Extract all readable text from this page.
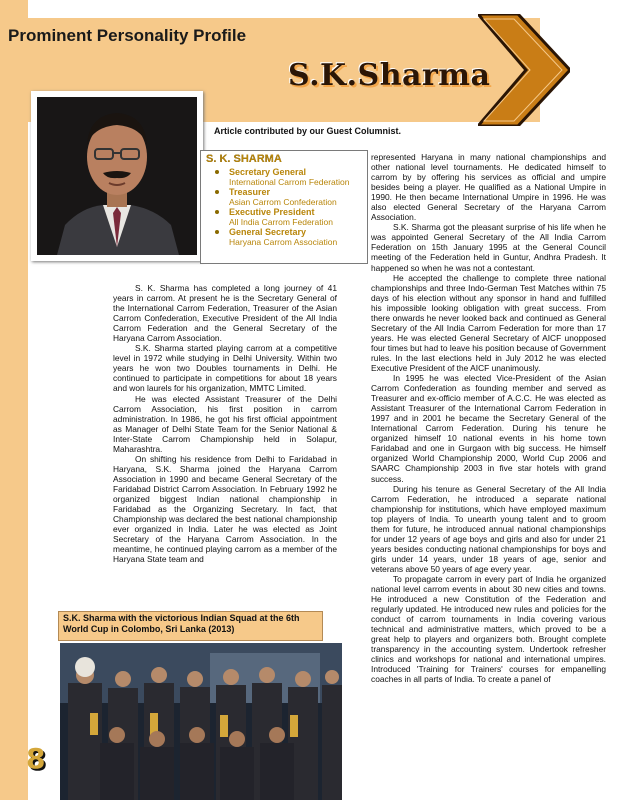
Prominent Personality Profile
S.K.Sharma
Article contributed by our Guest Columnist.
S. K. SHARMA
Secretary General
International Carrom Federation
Treasurer
Asian Carrom Confederation
Executive President
All India Carrom Federation
General Secretary
Haryana Carrom Association

S. K. Sharma has completed a long journey of 41 years in carrom. At present he is the Secretary General of the International Carrom Federation, Treasurer of the Asian Carrom Confederation, Executive President of the All India Carrom Federation and the General Secretary of the Haryana Carrom Association.

S.K. Sharma started playing carrom at a competitive level in 1972 while studying in Delhi University. Within two years he won two Doubles tournaments in Delhi. He continued to participate in competitions for about 18 years and won laurels for his organization, MMTC Limited.

He was elected Assistant Treasurer of the Delhi Carrom Association, his first position in carrom administration. In 1986, he got his first official appointment as Manager of Delhi State Team for the Senior National & Inter-State Carrom Championship held in Solapur, Maharashtra.

On shifting his residence from Delhi to Faridabad in Haryana, S.K. Sharma joined the Haryana Carrom Association in 1990 and became General Secretary of the Faridabad District Carrom Association. In February 1992 he organized biggest Indian national championship in Faridabad as the Organizing Secretary. In fact, that Championship was declared the best national championship ever organized in India. Later he was elected as Joint Secretary of the Haryana Carrom Association. In the meantime, he continued playing carrom as a member of the Haryana State team and

represented Haryana in many national championships and other national level tournaments. He dedicated himself to carrom by by offering his services as official and umpire besides being a player. He qualified as a National Umpire in 1990. He then became International Umpire in 1996. He was also elected General Secretary of the Haryana Carrom Association.

S.K. Sharma got the pleasant surprise of his life when he was appointed General Secretary of the All India Carrom Federation on 15th January 1995 at the General Council meeting of the Federation held in Guntur, Andhra Pradesh. It happened so when he was not a contestant.

He accepted the challenge to complete three national championships and three Indo-German Test Matches within 75 days of his election without any sponsor in hand and fulfilled his impossible looking obligation with great success. From there onwards he never looked back and continued as General Secretary of the All India Carrom Federation for more than 17 years. He was elected General Secretary of AICF unopposed four times but had to leave his position because of Government rules. In the last elections held in July 2012 he was elected Executive President of the AICF unanimously.

In 1995 he was elected Vice-President of the Asian Carrom Confederation as founding member and served as Treasurer and ex-officio member of A.C.C. He was elected as Assistant Treasurer of the International Carrom Federation in 1997 and in 2001 he became the Secretary General of the International Carrom Federation. During his tenure he organized himself 10 national events in his home town Faridabad and one in Gurgaon with big success. He himself organized World Championship 2000, World Cup 2006 and SAARC Championship 2003 in five star hotels with grand success.

During his tenure as General Secretary of the All India Carrom Federation, he introduced a separate national championship for institutions, which have employed maximum top players of India. To unearth young talent and to groom them for future, he introduced annual national championships for under 12 years of age boys and girls and also for under 21 years besides conducting national championships for boys and girls under 14 years, under 18 years of age, senior and veterans above 50 years of age every year.

To propagate carrom in every part of India he organized national level carrom events in about 30 new cities and towns. He introduced a new Constitution of the Federation and regularly updated. He introduced new rules and policies for the conduct of carrom tournaments in India covering various technical and administrative matters, which proved to be a great help to players and organizers both. Brought complete transparency in the accounting system. Undertook refresher clinics and workshops for national and international umpires. Introduced 'Training for Trainers' courses for empanelling coaches in all parts of India. To create a panel of

S.K. Sharma with the victorious Indian Squad at the 6th World Cup in Colombo, Sri Lanka (2013)
8
